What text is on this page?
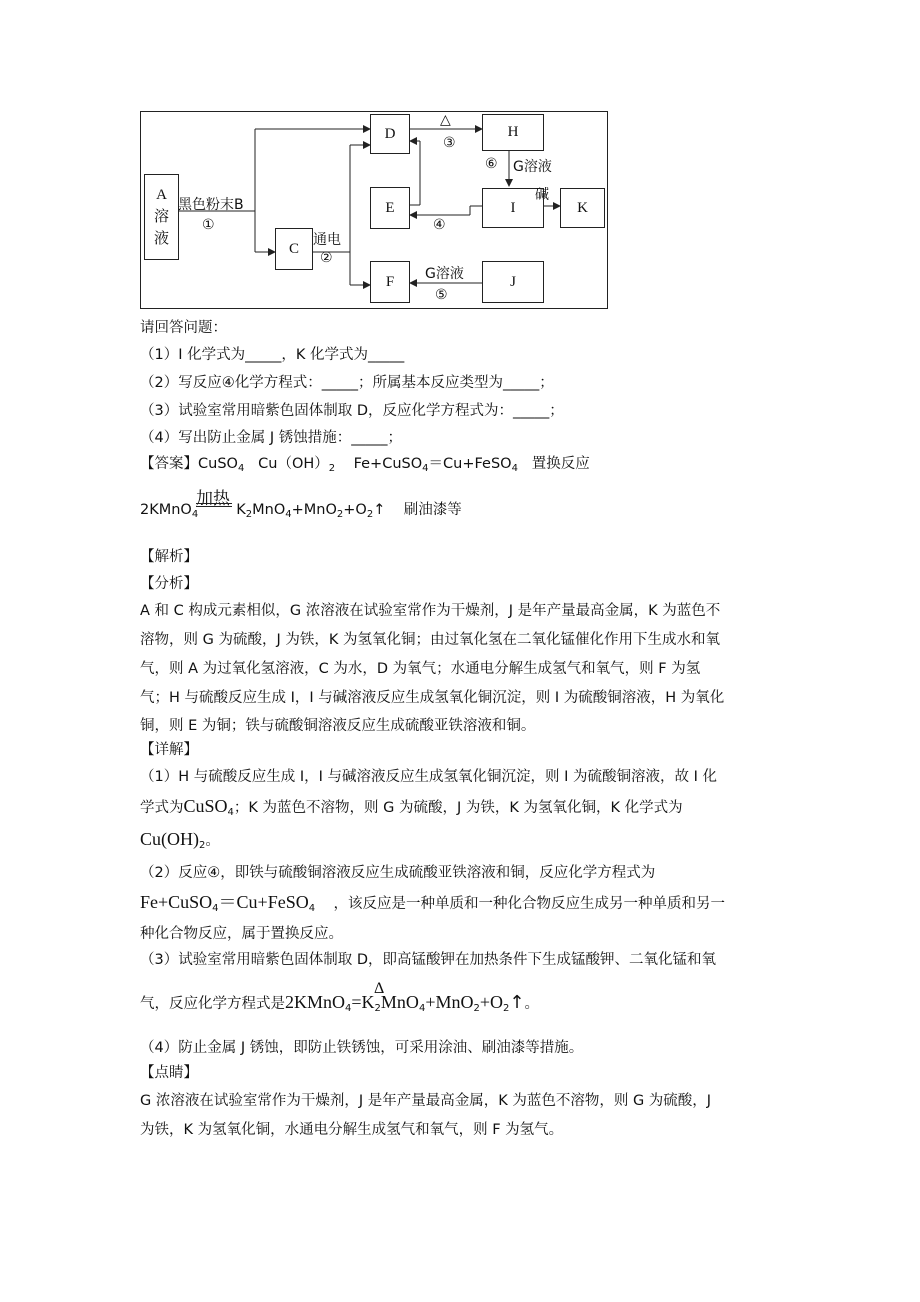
A
溶
液
C
D
E
F
H
I
J
K
黑色粉末B
①
通电
②
△
③
⑥ G溶液
碱
④
G溶液
⑤
请回答问题：
（1）I 化学式为_____，K 化学式为_____
（2）写反应④化学方程式：_____；所属基本反应类型为_____；
（3）试验室常用暗紫色固体制取 D，反应化学方程式为：_____；
（4）写出防止金属 J 锈蚀措施：_____；
【答案】CuSO$_4$ $Cu(OH)_2$ Fe+CuSO$_4$＝Cu+FeSO$_4$ 置换反应
加热
2KMnO$_4$	$K_2MnO_4+MnO_2+O_2↑$ 刷油漆等
【解析】
【分析】
A 和 C 构成元素相似，G 浓溶液在试验室常作为干燥剂，J 是年产量最高金属，K 为蓝色不
溶物，则 G 为硫酸，J 为铁，K 为氢氧化铜；由过氧化氢在二氧化锰催化作用下生成水和氧
气，则 A 为过氧化氢溶液，C 为水，D 为氧气；水通电分解生成氢气和氧气，则 F 为氢
气；H 与硫酸反应生成 I，I 与碱溶液反应生成氢氧化铜沉淀，则 I 为硫酸铜溶液，H 为氧化
铜，则 E 为铜；铁与硫酸铜溶液反应生成硫酸亚铁溶液和铜。
【详解】
（1）H 与硫酸反应生成 I，I 与碱溶液反应生成氢氧化铜沉淀，则 I 为硫酸铜溶液，故 I 化
学式为CuSO$_4$；K 为蓝色不溶物，则 G 为硫酸，J 为铁，K 为氢氧化铜，K 化学式为
$Cu(OH)_2$。
（2）反应④，即铁与硫酸铜溶液反应生成硫酸亚铁溶液和铜，反应化学方程式为
Fe+CuSO$_4$＝Cu+FeSO$_4$ ，该反应是一种单质和一种化合物反应生成另一种单质和另一
种化合物反应，属于置换反应。
（3）试验室常用暗紫色固体制取 D，即高锰酸钾在加热条件下生成锰酸钾、二氧化锰和氧
Δ
气，反应化学方程式是$2KMnO_4=K_2MnO_4+MnO_2+O_2↑$。
（4）防止金属 J 锈蚀，即防止铁锈蚀，可采用涂油、刷油漆等措施。
【点睛】
G 浓溶液在试验室常作为干燥剂，J 是年产量最高金属，K 为蓝色不溶物，则 G 为硫酸，J
为铁，K 为氢氧化铜，水通电分解生成氢气和氧气，则 F 为氢气。
